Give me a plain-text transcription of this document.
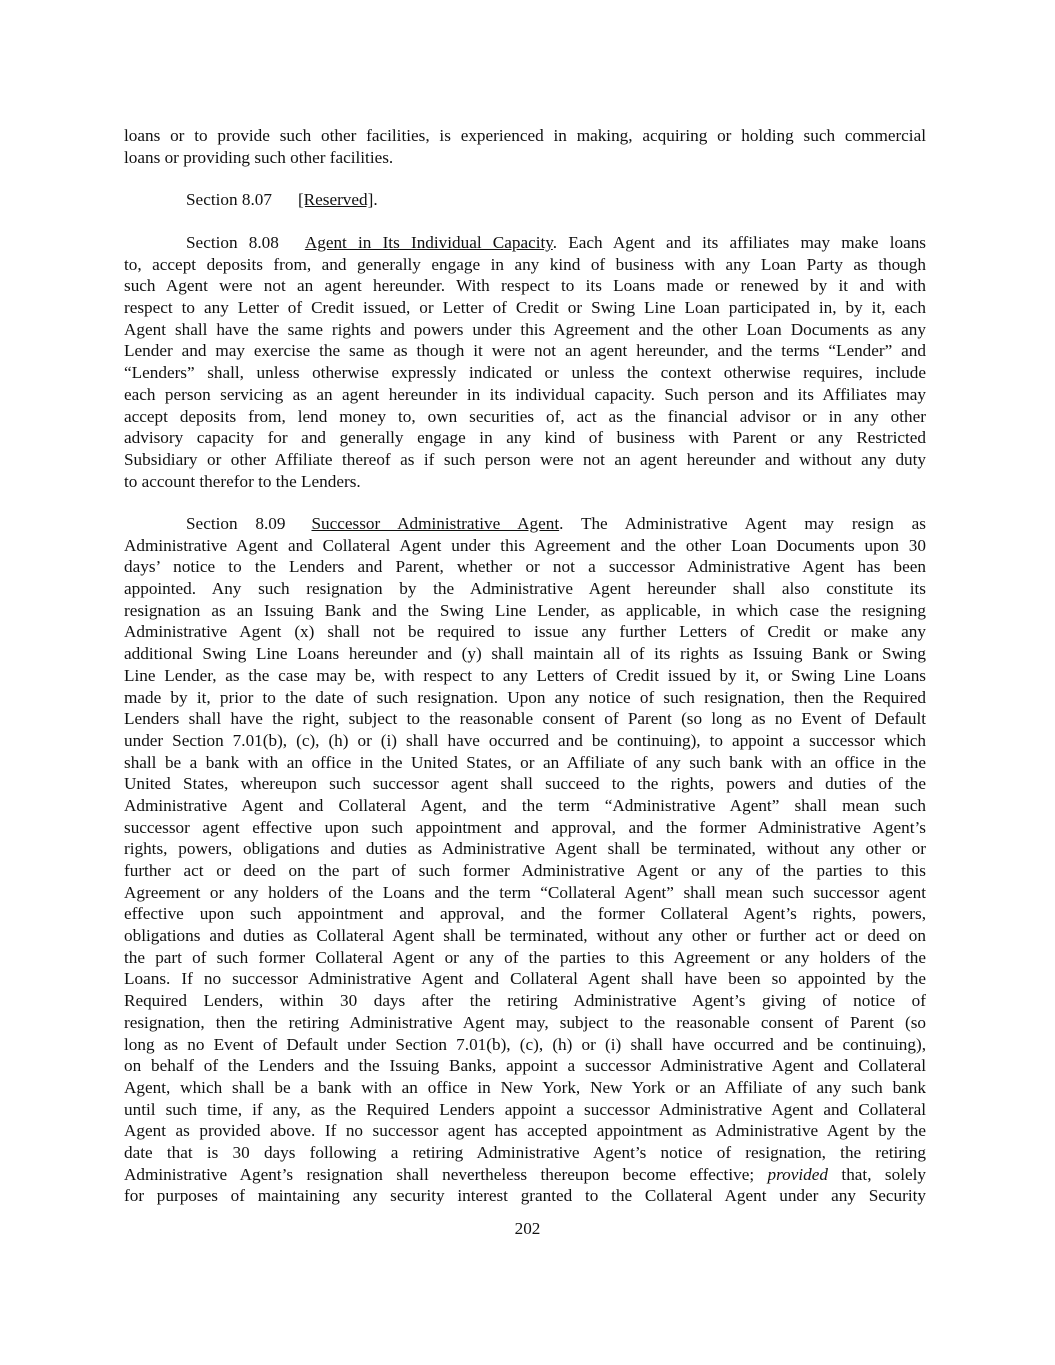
loans or to provide such other facilities, is experienced in making, acquiring or holding such commercial
loans or providing such other facilities.
Section 8.07 [Reserved].
Section 8.08 Agent in Its Individual Capacity. Each Agent and its affiliates may make loans
to, accept deposits from, and generally engage in any kind of business with any Loan Party as though
such Agent were not an agent hereunder. With respect to its Loans made or renewed by it and with
respect to any Letter of Credit issued, or Letter of Credit or Swing Line Loan participated in, by it, each
Agent shall have the same rights and powers under this Agreement and the other Loan Documents as any
Lender and may exercise the same as though it were not an agent hereunder, and the terms “Lender” and
“Lenders” shall, unless otherwise expressly indicated or unless the context otherwise requires, include
each person servicing as an agent hereunder in its individual capacity. Such person and its Affiliates may
accept deposits from, lend money to, own securities of, act as the financial advisor or in any other
advisory capacity for and generally engage in any kind of business with Parent or any Restricted
Subsidiary or other Affiliate thereof as if such person were not an agent hereunder and without any duty
to account therefor to the Lenders.
Section 8.09 Successor Administrative Agent. The Administrative Agent may resign as
Administrative Agent and Collateral Agent under this Agreement and the other Loan Documents upon 30
days’ notice to the Lenders and Parent, whether or not a successor Administrative Agent has been
appointed. Any such resignation by the Administrative Agent hereunder shall also constitute its
resignation as an Issuing Bank and the Swing Line Lender, as applicable, in which case the resigning
Administrative Agent (x) shall not be required to issue any further Letters of Credit or make any
additional Swing Line Loans hereunder and (y) shall maintain all of its rights as Issuing Bank or Swing
Line Lender, as the case may be, with respect to any Letters of Credit issued by it, or Swing Line Loans
made by it, prior to the date of such resignation. Upon any notice of such resignation, then the Required
Lenders shall have the right, subject to the reasonable consent of Parent (so long as no Event of Default
under Section 7.01(b), (c), (h) or (i) shall have occurred and be continuing), to appoint a successor which
shall be a bank with an office in the United States, or an Affiliate of any such bank with an office in the
United States, whereupon such successor agent shall succeed to the rights, powers and duties of the
Administrative Agent and Collateral Agent, and the term “Administrative Agent” shall mean such
successor agent effective upon such appointment and approval, and the former Administrative Agent’s
rights, powers, obligations and duties as Administrative Agent shall be terminated, without any other or
further act or deed on the part of such former Administrative Agent or any of the parties to this
Agreement or any holders of the Loans and the term “Collateral Agent” shall mean such successor agent
effective upon such appointment and approval, and the former Collateral Agent’s rights, powers,
obligations and duties as Collateral Agent shall be terminated, without any other or further act or deed on
the part of such former Collateral Agent or any of the parties to this Agreement or any holders of the
Loans. If no successor Administrative Agent and Collateral Agent shall have been so appointed by the
Required Lenders, within 30 days after the retiring Administrative Agent’s giving of notice of
resignation, then the retiring Administrative Agent may, subject to the reasonable consent of Parent (so
long as no Event of Default under Section 7.01(b), (c), (h) or (i) shall have occurred and be continuing),
on behalf of the Lenders and the Issuing Banks, appoint a successor Administrative Agent and Collateral
Agent, which shall be a bank with an office in New York, New York or an Affiliate of any such bank
until such time, if any, as the Required Lenders appoint a successor Administrative Agent and Collateral
Agent as provided above. If no successor agent has accepted appointment as Administrative Agent by the
date that is 30 days following a retiring Administrative Agent’s notice of resignation, the retiring
Administrative Agent’s resignation shall nevertheless thereupon become effective; provided that, solely
for purposes of maintaining any security interest granted to the Collateral Agent under any Security
202
